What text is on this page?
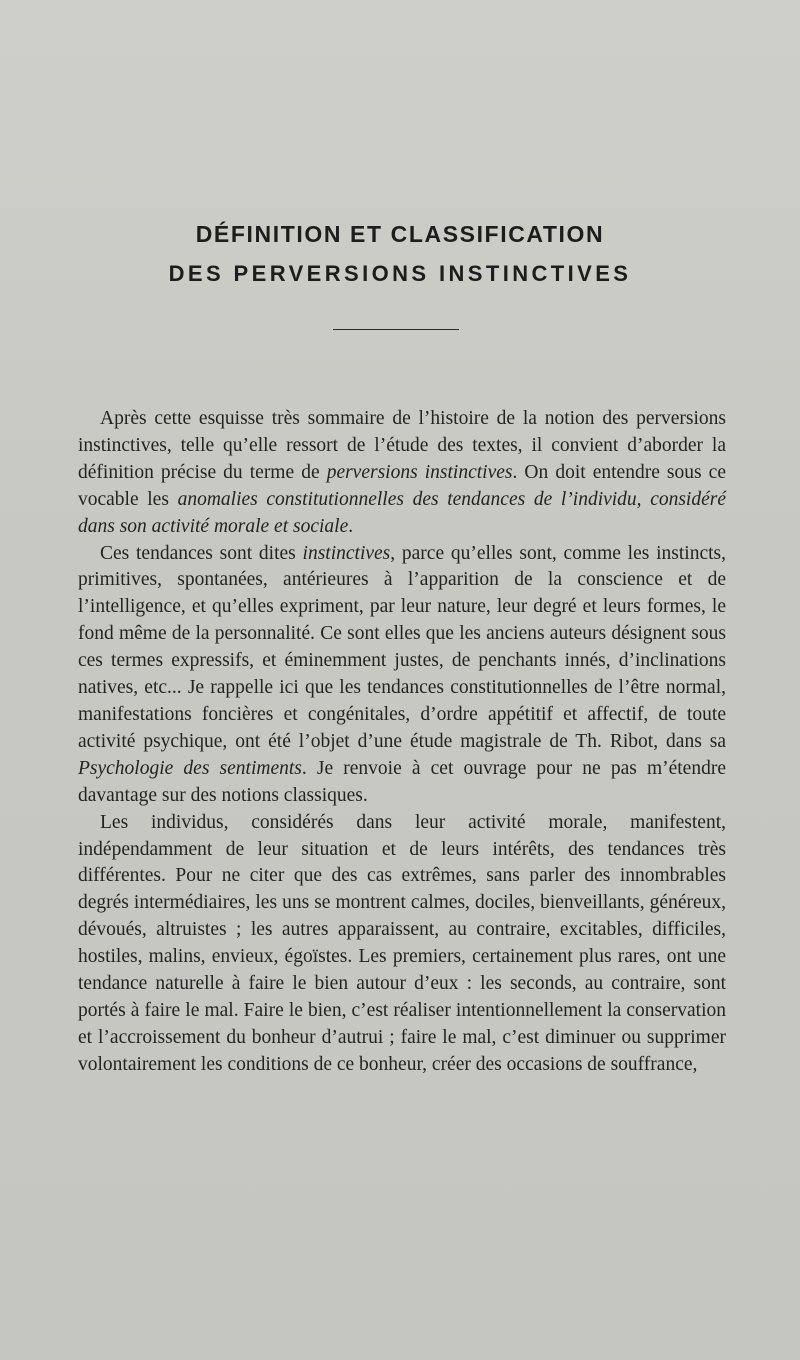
DÉFINITION ET CLASSIFICATION
DES PERVERSIONS INSTINCTIVES

Après cette esquisse très sommaire de l’histoire de la notion des perversions instinctives, telle qu’elle ressort de l’étude des textes, il convient d’aborder la définition précise du terme de perversions instinctives. On doit entendre sous ce vocable les anomalies constitutionnelles des tendances de l’individu, considéré dans son activité morale et sociale.

Ces tendances sont dites instinctives, parce qu’elles sont, comme les instincts, primitives, spontanées, antérieures à l’apparition de la conscience et de l’intelligence, et qu’elles expriment, par leur nature, leur degré et leurs formes, le fond même de la personnalité. Ce sont elles que les anciens auteurs désignent sous ces termes expressifs, et éminemment justes, de penchants innés, d’inclinations natives, etc... Je rappelle ici que les tendances constitutionnelles de l’être normal, manifestations foncières et congénitales, d’ordre appétitif et affectif, de toute activité psychique, ont été l’objet d’une étude magistrale de Th. Ribot, dans sa Psychologie des sentiments. Je renvoie à cet ouvrage pour ne pas m’étendre davantage sur des notions classiques.

Les individus, considérés dans leur activité morale, manifestent, indépendamment de leur situation et de leurs intérêts, des tendances très différentes. Pour ne citer que des cas extrêmes, sans parler des innombrables degrés intermédiaires, les uns se montrent calmes, dociles, bienveillants, généreux, dévoués, altruistes ; les autres apparaissent, au contraire, excitables, difficiles, hostiles, malins, envieux, égoïstes. Les premiers, certainement plus rares, ont une tendance naturelle à faire le bien autour d’eux : les seconds, au contraire, sont portés à faire le mal. Faire le bien, c’est réaliser intentionnellement la conservation et l’accroissement du bonheur d’autrui ; faire le mal, c’est diminuer ou supprimer volontairement les conditions de ce bonheur, créer des occasions de souffrance,
